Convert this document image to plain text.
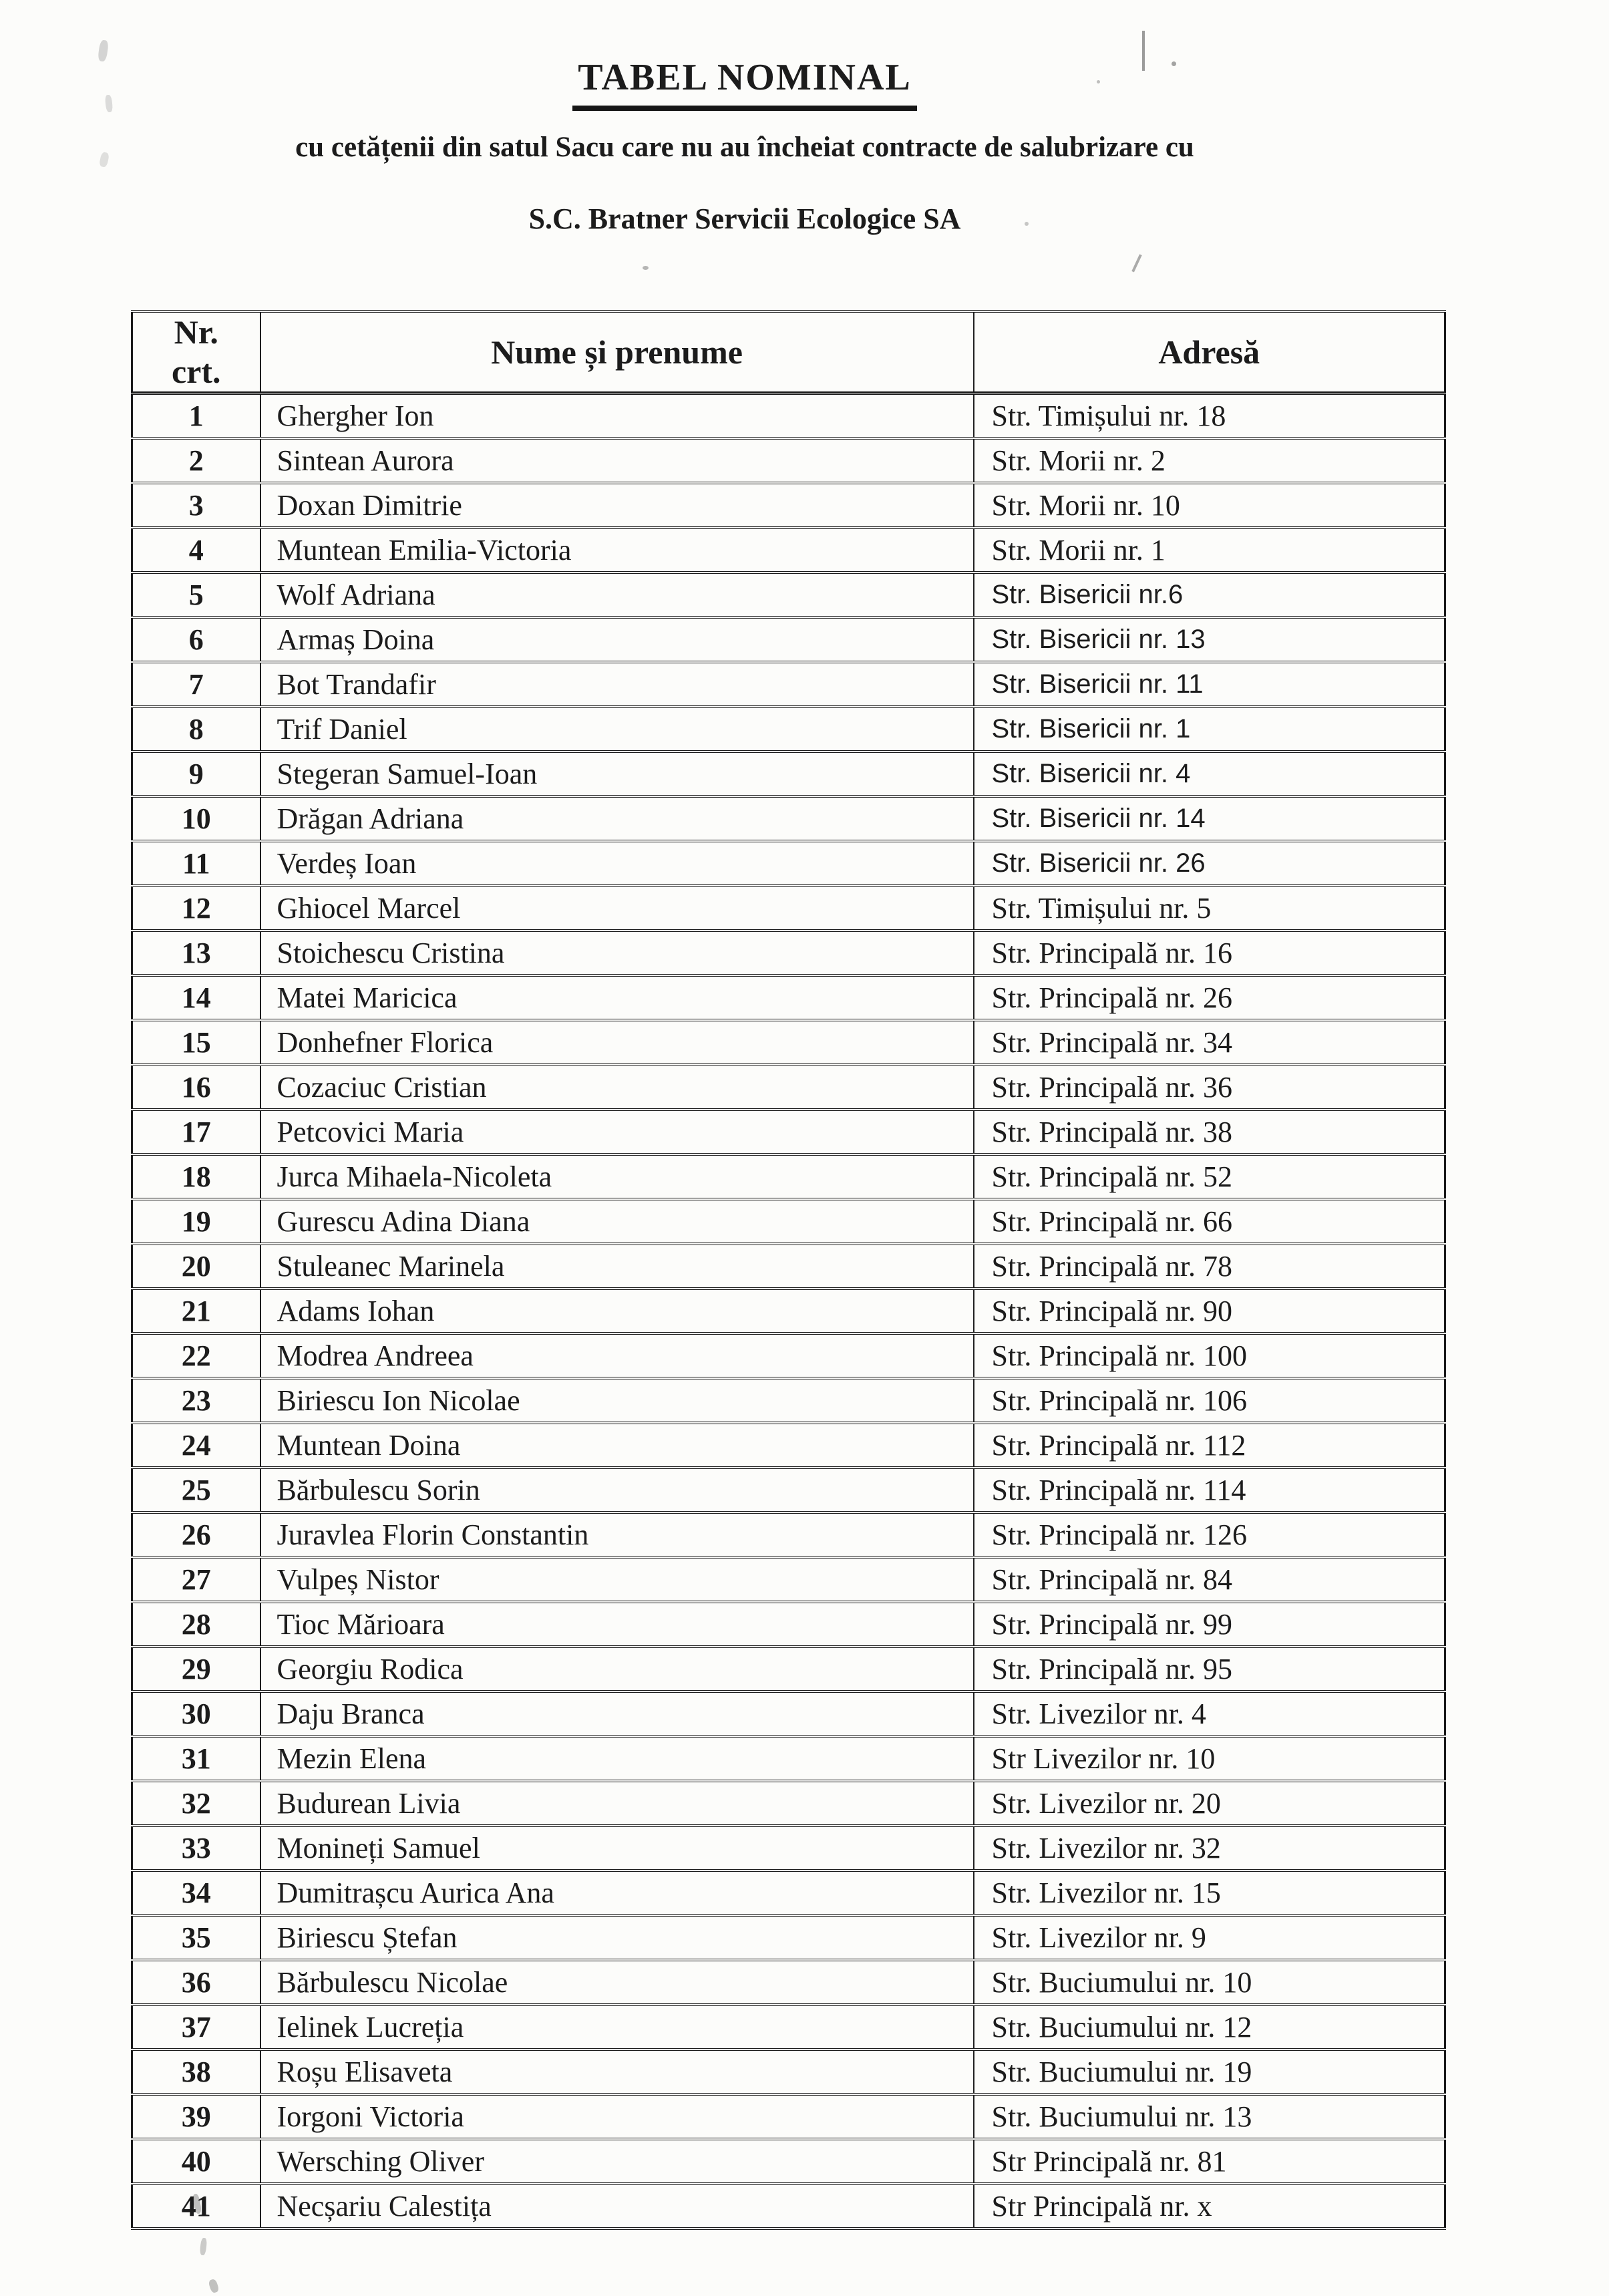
TABEL NOMINAL
cu cetățenii din satul Sacu care nu au încheiat contracte de salubrizare cu
S.C. Bratner Servicii Ecologice SA
Nr.
crt.	Nume și prenume	Adresă
1	Ghergher Ion	Str. Timișului nr. 18
2	Sintean Aurora	Str. Morii nr. 2
3	Doxan Dimitrie	Str. Morii nr. 10
4	Muntean Emilia-Victoria	Str. Morii nr. 1
5	Wolf Adriana	Str. Bisericii nr.6
6	Armaș Doina	Str. Bisericii nr. 13
7	Bot Trandafir	Str. Bisericii nr. 11
8	Trif Daniel	Str. Bisericii nr. 1
9	Stegeran Samuel-Ioan	Str. Bisericii nr. 4
10	Drăgan Adriana	Str. Bisericii nr. 14
11	Verdeș Ioan	Str. Bisericii nr. 26
12	Ghiocel Marcel	Str. Timișului nr. 5
13	Stoichescu Cristina	Str. Principală nr. 16
14	Matei Maricica	Str. Principală nr. 26
15	Donhefner Florica	Str. Principală nr. 34
16	Cozaciuc Cristian	Str. Principală nr. 36
17	Petcovici Maria	Str. Principală nr. 38
18	Jurca Mihaela-Nicoleta	Str. Principală nr. 52
19	Gurescu Adina Diana	Str. Principală nr. 66
20	Stuleanec Marinela	Str. Principală nr. 78
21	Adams Iohan	Str. Principală nr. 90
22	Modrea Andreea	Str. Principală nr. 100
23	Biriescu Ion Nicolae	Str. Principală nr. 106
24	Muntean Doina	Str. Principală nr. 112
25	Bărbulescu Sorin	Str. Principală nr. 114
26	Juravlea Florin Constantin	Str. Principală nr. 126
27	Vulpeș Nistor	Str. Principală nr. 84
28	Tioc Mărioara	Str. Principală nr. 99
29	Georgiu Rodica	Str. Principală nr. 95
30	Daju Branca	Str. Livezilor nr. 4
31	Mezin Elena	Str Livezilor nr. 10
32	Budurean Livia	Str. Livezilor nr. 20
33	Monineți Samuel	Str. Livezilor nr. 32
34	Dumitrașcu Aurica Ana	Str. Livezilor nr. 15
35	Biriescu Ștefan	Str. Livezilor nr. 9
36	Bărbulescu Nicolae	Str. Buciumului nr. 10
37	Ielinek Lucreția	Str. Buciumului nr. 12
38	Roșu Elisaveta	Str. Buciumului nr. 19
39	Iorgoni Victoria	Str. Buciumului nr. 13
40	Wersching Oliver	Str Principală nr. 81
41	Necșariu Calestița	Str Principală nr. x
